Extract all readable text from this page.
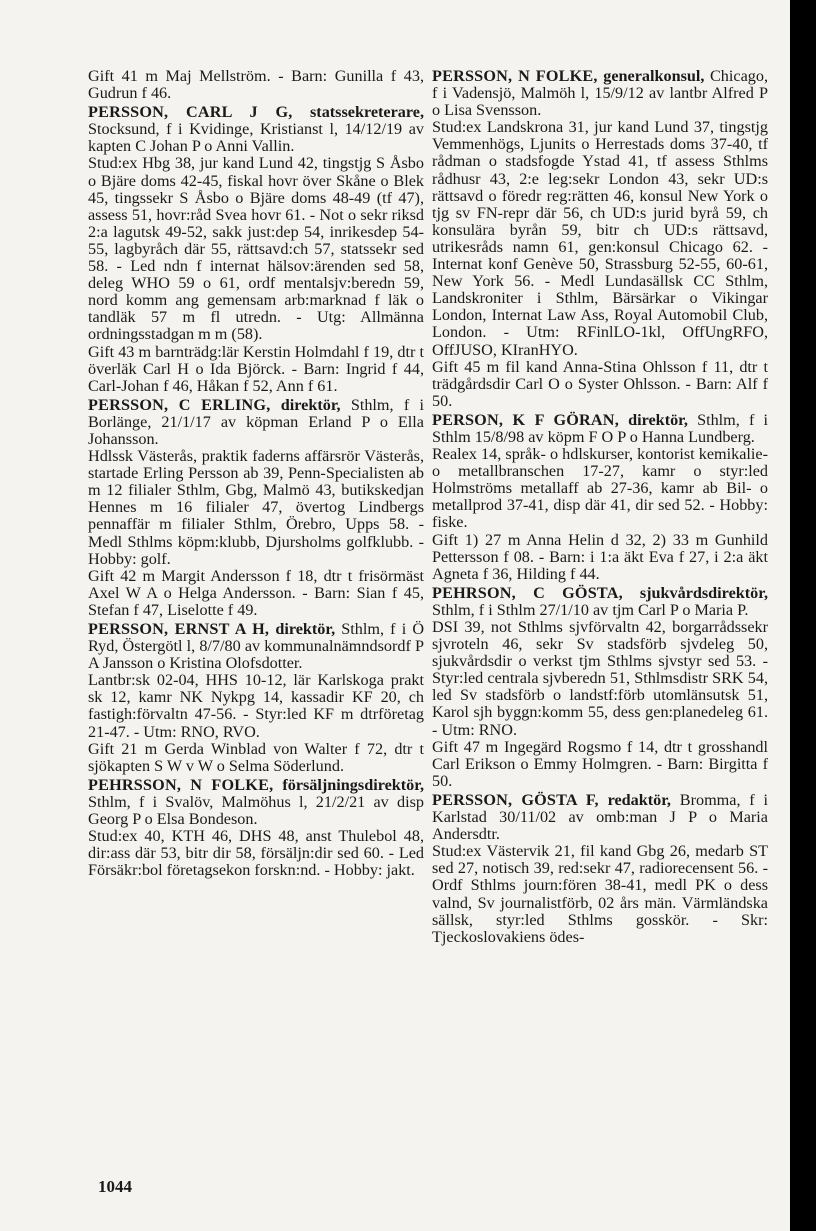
Gift 41 m Maj Mellström. - Barn: Gunilla f 43, Gudrun f 46.

PERSSON, CARL J G, statssekreterare, Stocksund, f i Kvidinge, Kristianst l, 14/12/19 av kapten C Johan P o Anni Vallin.

Stud:ex Hbg 38, jur kand Lund 42, tingstjg S Åsbo o Bjäre doms 42-45, fiskal hovr över Skåne o Blek 45, tingssekr S Åsbo o Bjäre doms 48-49 (tf 47), assess 51, hovr:råd Svea hovr 61. - Not o sekr riksd 2:a lagutsk 49-52, sakk just:dep 54, inrikesdep 54-55, lagbyråch där 55, rättsavd:ch 57, statssekr sed 58. - Led ndn f internat hälsov:ärenden sed 58, deleg WHO 59 o 61, ordf mentalsjv:beredn 59, nord komm ang gemensam arb:marknad f läk o tandläk 57 m fl utredn. - Utg: Allmänna ordningsstadgan m m (58).

Gift 43 m barnträdg:lär Kerstin Holmdahl f 19, dtr t överläk Carl H o Ida Björck. - Barn: Ingrid f 44, Carl-Johan f 46, Håkan f 52, Ann f 61.

PERSSON, C ERLING, direktör, Sthlm, f i Borlänge, 21/1/17 av köpman Erland P o Ella Johansson.

Hdlssk Västerås, praktik faderns affärsrör Västerås, startade Erling Persson ab 39, Penn-Specialisten ab m 12 filialer Sthlm, Gbg, Malmö 43, butikskedjan Hennes m 16 filialer 47, övertog Lindbergs pennaffär m filialer Sthlm, Örebro, Upps 58. - Medl Sthlms köpm:klubb, Djursholms golfklubb. - Hobby: golf.

Gift 42 m Margit Andersson f 18, dtr t frisörmäst Axel W A o Helga Andersson. - Barn: Sian f 45, Stefan f 47, Liselotte f 49.

PERSSON, ERNST A H, direktör, Sthlm, f i Ö Ryd, Östergötl l, 8/7/80 av kommunalnämndsordf P A Jansson o Kristina Olofsdotter.

Lantbr:sk 02-04, HHS 10-12, lär Karlskoga prakt sk 12, kamr NK Nykpg 14, kassadir KF 20, ch fastigh:förvaltn 47-56. - Styr:led KF m dtrföretag 21-47. - Utm: RNO, RVO.

Gift 21 m Gerda Winblad von Walter f 72, dtr t sjökapten S W v W o Selma Söderlund.

PEHRSSON, N FOLKE, försäljningsdirektör, Sthlm, f i Svalöv, Malmöhus l, 21/2/21 av disp Georg P o Elsa Bondeson.

Stud:ex 40, KTH 46, DHS 48, anst Thulebol 48, dir:ass där 53, bitr dir 58, försäljn:dir sed 60. - Led Försäkr:bol företagsekon forskn:nd. - Hobby: jakt.

PERSSON, N FOLKE, generalkonsul, Chicago, f i Vadensjö, Malmöh l, 15/9/12 av lantbr Alfred P o Lisa Svensson.

Stud:ex Landskrona 31, jur kand Lund 37, tingstjg Vemmenhögs, Ljunits o Herrestads doms 37-40, tf rådman o stadsfogde Ystad 41, tf assess Sthlms rådhusr 43, 2:e leg:sekr London 43, sekr UD:s rättsavd o föredr reg:rätten 46, konsul New York o tjg sv FN-repr där 56, ch UD:s jurid byrå 59, ch konsulära byrån 59, bitr ch UD:s rättsavd, utrikesråds namn 61, gen:konsul Chicago 62. - Internat konf Genève 50, Strassburg 52-55, 60-61, New York 56. - Medl Lundasällsk CC Sthlm, Landskroniter i Sthlm, Bärsärkar o Vikingar London, Internat Law Ass, Royal Automobil Club, London. - Utm: RFinlLO-1kl, OffUngRFO, OffJUSO, KIranHYO.

Gift 45 m fil kand Anna-Stina Ohlsson f 11, dtr t trädgårdsdir Carl O o Syster Ohlsson. - Barn: Alf f 50.

PERSON, K F GÖRAN, direktör, Sthlm, f i Sthlm 15/8/98 av köpm F O P o Hanna Lundberg.

Realex 14, språk- o hdlskurser, kontorist kemikalie- o metallbranschen 17-27, kamr o styr:led Holmströms metallaff ab 27-36, kamr ab Bil- o metallprod 37-41, disp där 41, dir sed 52. - Hobby: fiske.

Gift 1) 27 m Anna Helin d 32, 2) 33 m Gunhild Pettersson f 08. - Barn: i 1:a äkt Eva f 27, i 2:a äkt Agneta f 36, Hilding f 44.

PEHRSON, C GÖSTA, sjukvårdsdirektör, Sthlm, f i Sthlm 27/1/10 av tjm Carl P o Maria P.

DSI 39, not Sthlms sjvförvaltn 42, borgarrådssekr sjvroteln 46, sekr Sv stadsförb sjvdeleg 50, sjukvårdsdir o verkst tjm Sthlms sjvstyr sed 53. - Styr:led centrala sjvberedn 51, Sthlmsdistr SRK 54, led Sv stadsförb o landstf:förb utomlänsutsk 51, Karol sjh byggn:komm 55, dess gen:planedeleg 61. - Utm: RNO.

Gift 47 m Ingegärd Rogsmo f 14, dtr t grosshandl Carl Erikson o Emmy Holmgren. - Barn: Birgitta f 50.

PERSSON, GÖSTA F, redaktör, Bromma, f i Karlstad 30/11/02 av omb:man J P o Maria Andersdtr.

Stud:ex Västervik 21, fil kand Gbg 26, medarb ST sed 27, notisch 39, red:sekr 47, radiorecensent 56. - Ordf Sthlms journ:fören 38-41, medl PK o dess valnd, Sv journalistförb, 02 års män. Värmländska sällsk, styr:led Sthlms gosskör. - Skr: Tjeckoslovakiens ödes-

1044
